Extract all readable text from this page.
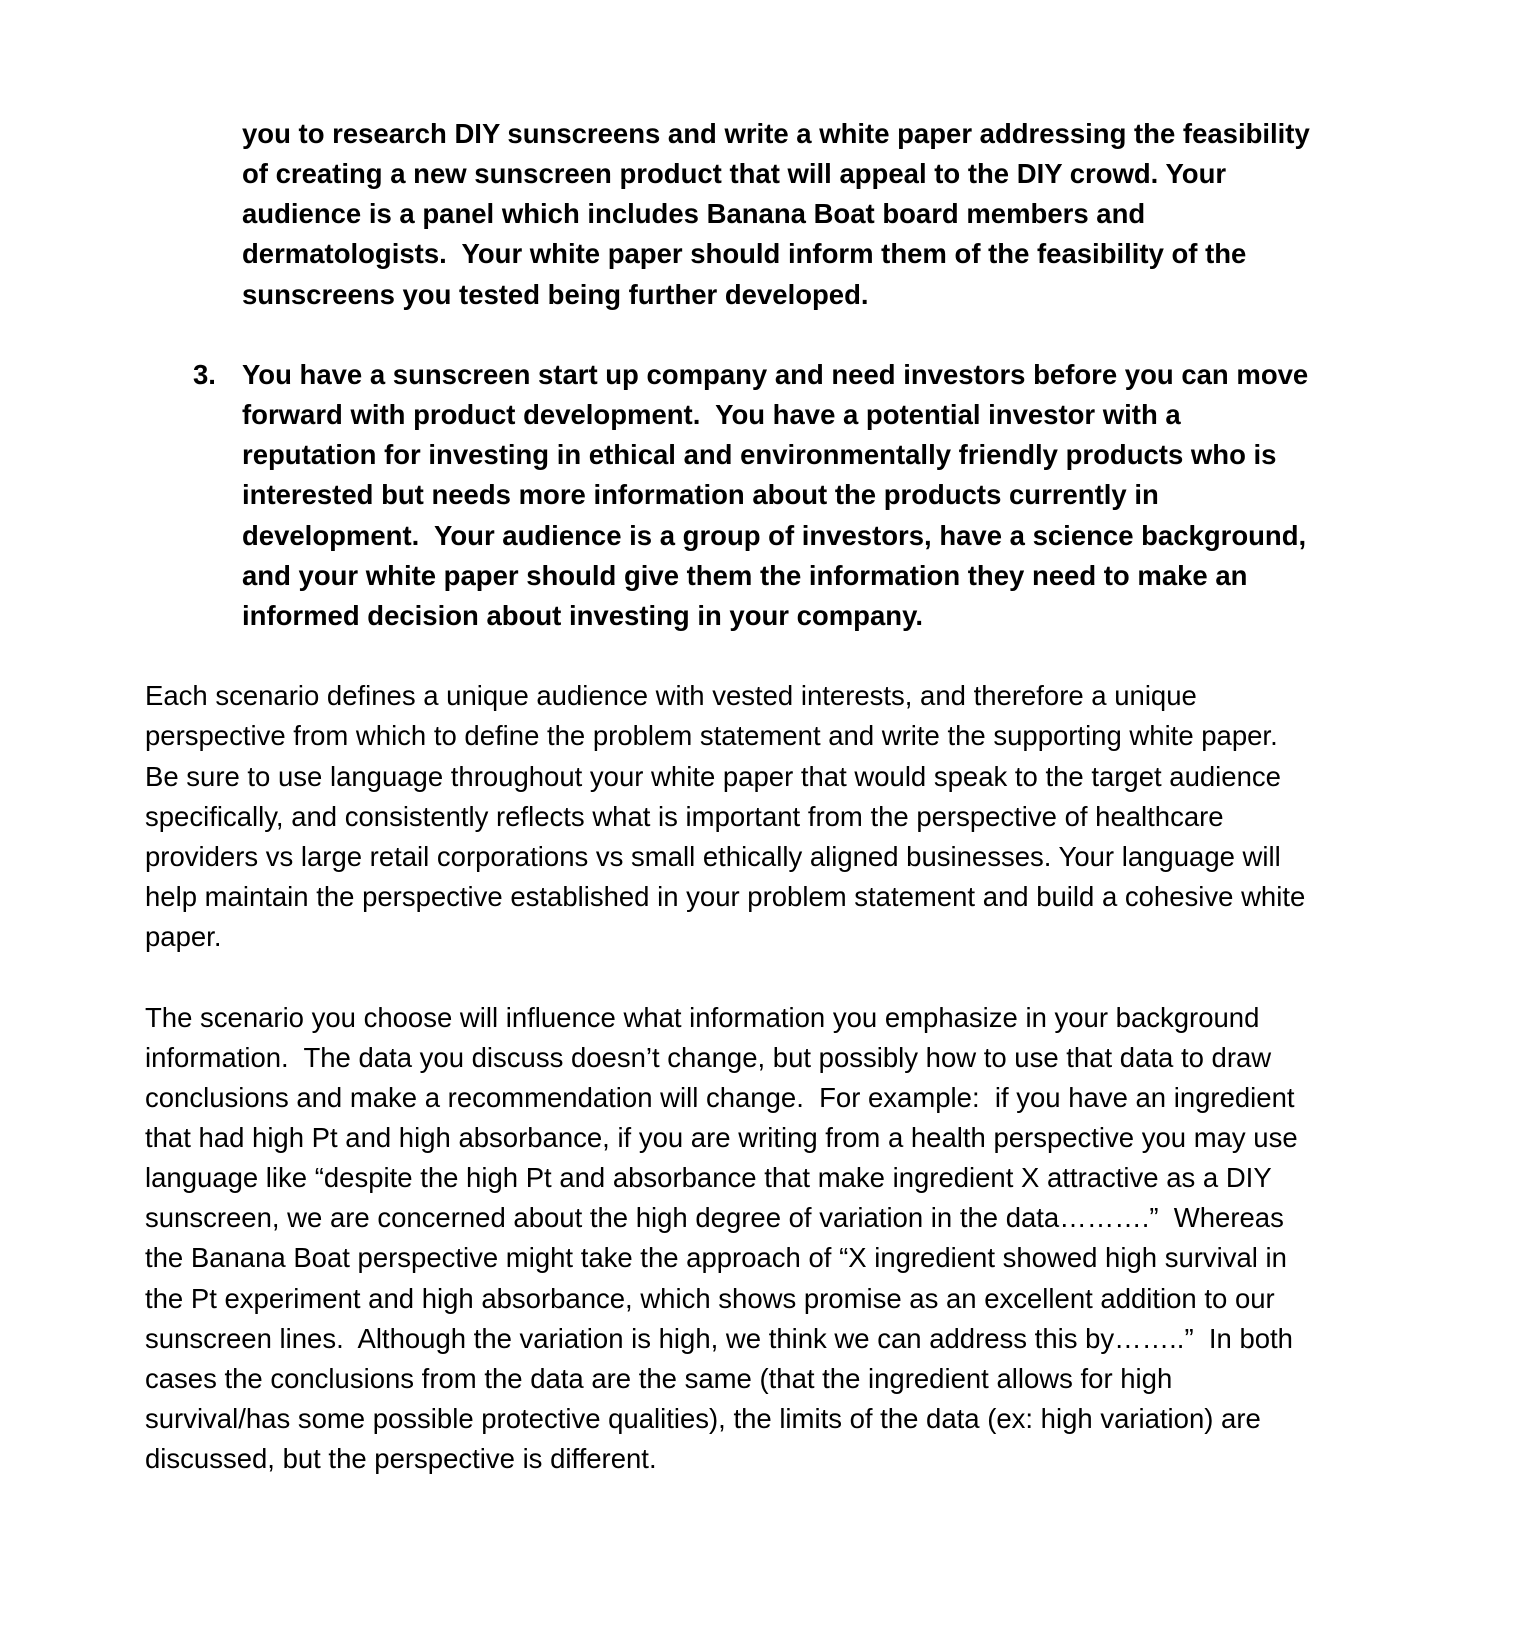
you to research DIY sunscreens and write a white paper addressing the feasibility

of creating a new sunscreen product that will appeal to the DIY crowd. Your

audience is a panel which includes Banana Boat board members and

dermatologists.  Your white paper should inform them of the feasibility of the

sunscreens you tested being further developed.

3. You have a sunscreen start up company and need investors before you can move

forward with product development.  You have a potential investor with a

reputation for investing in ethical and environmentally friendly products who is

interested but needs more information about the products currently in

development.  Your audience is a group of investors, have a science background,

and your white paper should give them the information they need to make an

informed decision about investing in your company.

Each scenario defines a unique audience with vested interests, and therefore a unique

perspective from which to define the problem statement and write the supporting white paper.

Be sure to use language throughout your white paper that would speak to the target audience

specifically, and consistently reflects what is important from the perspective of healthcare

providers vs large retail corporations vs small ethically aligned businesses. Your language will

help maintain the perspective established in your problem statement and build a cohesive white

paper.

The scenario you choose will influence what information you emphasize in your background

information.  The data you discuss doesn’t change, but possibly how to use that data to draw

conclusions and make a recommendation will change.  For example:  if you have an ingredient

that had high Pt and high absorbance, if you are writing from a health perspective you may use

language like “despite the high Pt and absorbance that make ingredient X attractive as a DIY

sunscreen, we are concerned about the high degree of variation in the data……….”  Whereas

the Banana Boat perspective might take the approach of “X ingredient showed high survival in

the Pt experiment and high absorbance, which shows promise as an excellent addition to our

sunscreen lines.  Although the variation is high, we think we can address this by……..”  In both

cases the conclusions from the data are the same (that the ingredient allows for high

survival/has some possible protective qualities), the limits of the data (ex: high variation) are

discussed, but the perspective is different.
